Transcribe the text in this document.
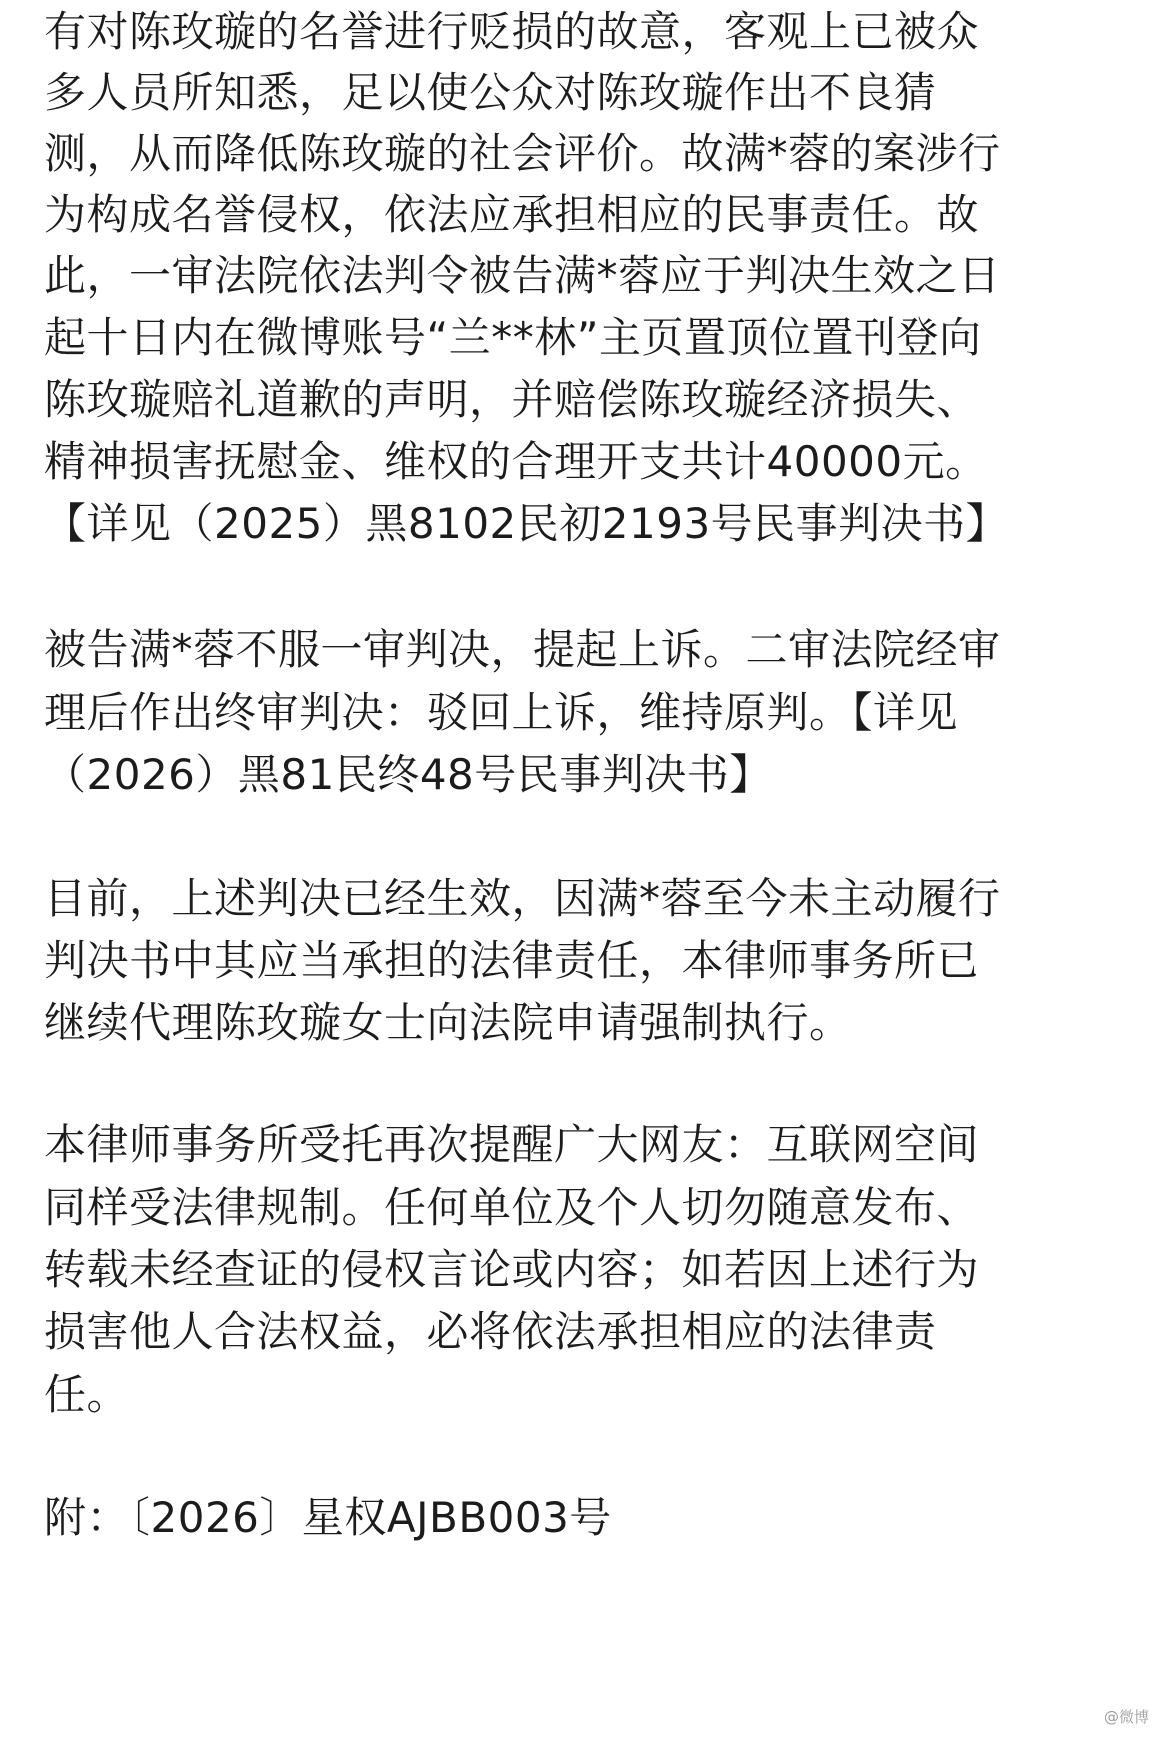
有对陈玫璇的名誉进行贬损的故意，客观上已被众
多人员所知悉，足以使公众对陈玫璇作出不良猜
测，从而降低陈玫璇的社会评价。故满*蓉的案涉行
为构成名誉侵权，依法应承担相应的民事责任。故
此，一审法院依法判令被告满*蓉应于判决生效之日
起十日内在微博账号“兰**林”主页置顶位置刊登向
陈玫璇赔礼道歉的声明，并赔偿陈玫璇经济损失、
精神损害抚慰金、维权的合理开支共计40000元。
【详见（2025）黑8102民初2193号民事判决书】
被告满*蓉不服一审判决，提起上诉。二审法院经审
理后作出终审判决：驳回上诉，维持原判。【详见
（2026）黑81民终48号民事判决书】
目前，上述判决已经生效，因满*蓉至今未主动履行
判决书中其应当承担的法律责任，本律师事务所已
继续代理陈玫璇女士向法院申请强制执行。
本律师事务所受托再次提醒广大网友：互联网空间
同样受法律规制。任何单位及个人切勿随意发布、
转载未经查证的侵权言论或内容；如若因上述行为
损害他人合法权益，必将依法承担相应的法律责
任。
附：〔2026〕星权AJBB003号
@微博
